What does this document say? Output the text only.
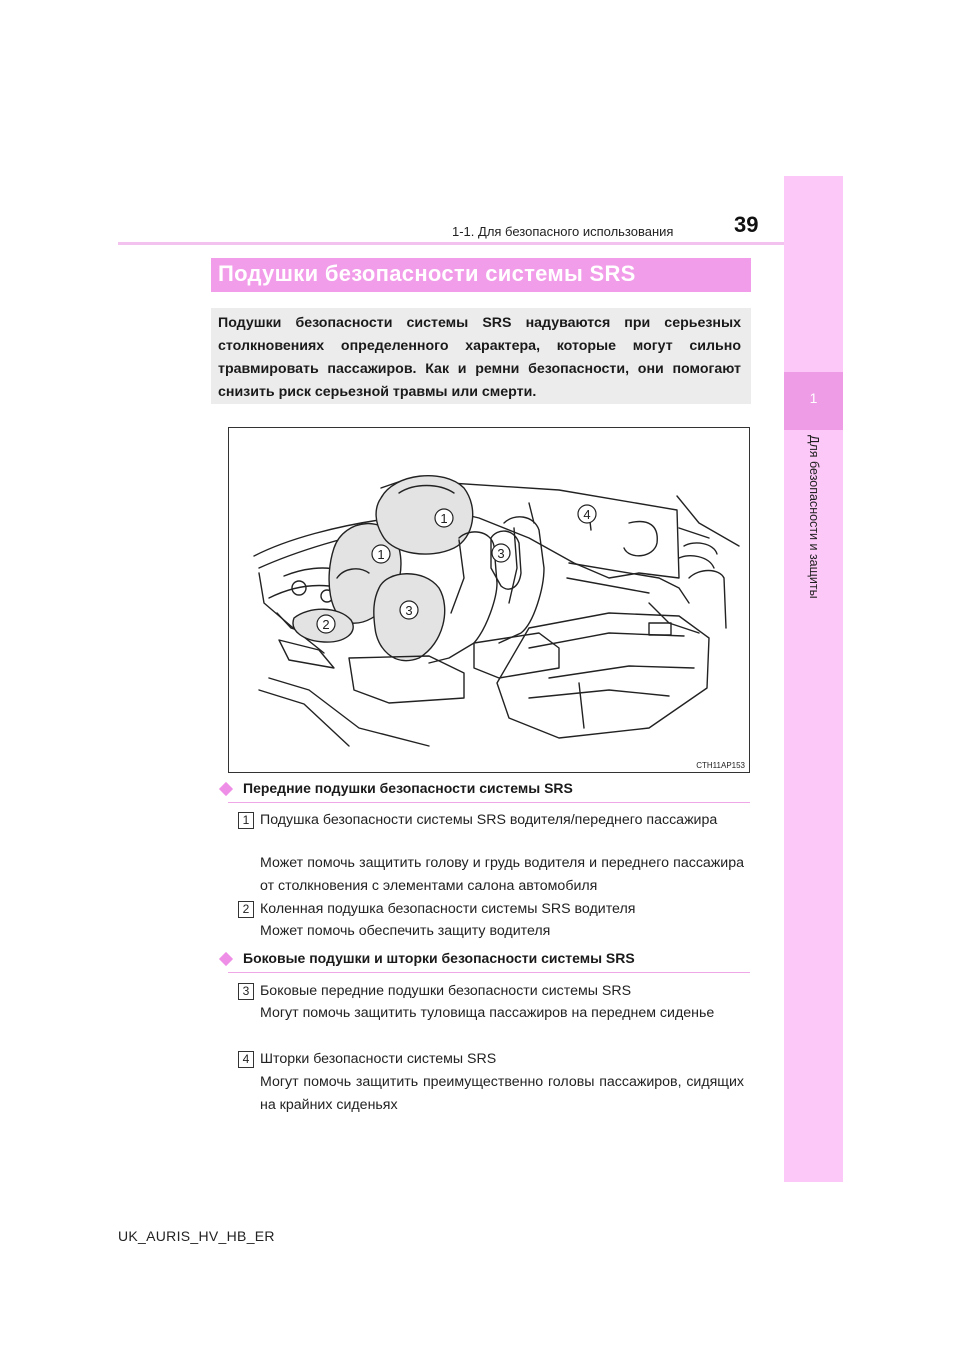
1-1. Для безопасного использования	39
1
Для безопасности и защиты
Подушки безопасности системы SRS
Подушки безопасности системы SRS надуваются при серьезных столкновениях определенного характера, которые могут сильно травмировать пассажиров. Как и ремни безопасности, они помогают снизить риск серьезной травмы или смерти.
1
1
2
3
3
4
CTH11AP153
Передние подушки безопасности системы SRS
1 Подушка безопасности системы SRS водителя/переднего пассажира
Может помочь защитить голову и грудь водителя и переднего пассажира от столкновения с элементами салона автомобиля
2 Коленная подушка безопасности системы SRS водителя
Может помочь обеспечить защиту водителя
Боковые подушки и шторки безопасности системы SRS
3 Боковые передние подушки безопасности системы SRS
Могут помочь защитить туловища пассажиров на переднем сиденье
4 Шторки безопасности системы SRS
Могут помочь защитить преимущественно головы пассажиров, сидящих на крайних сиденьях
UK_AURIS_HV_HB_ER
